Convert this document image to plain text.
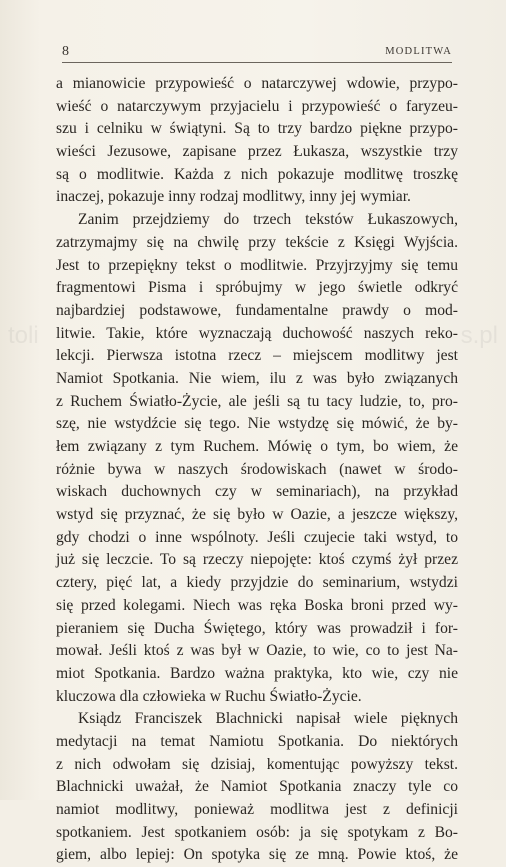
8	MODLITWA
toli	s.pl
a mianowicie przypowieść o natarczywej wdowie, przypo-
wieść o natarczywym przyjacielu i przypowieść o faryzeu-
szu i celniku w świątyni. Są to trzy bardzo piękne przypo-
wieści Jezusowe, zapisane przez Łukasza, wszystkie trzy
są o modlitwie. Każda z nich pokazuje modlitwę troszkę
inaczej, pokazuje inny rodzaj modlitwy, inny jej wymiar.
Zanim przejdziemy do trzech tekstów Łukaszowych,
zatrzymajmy się na chwilę przy tekście z Księgi Wyjścia.
Jest to przepiękny tekst o modlitwie. Przyjrzyjmy się temu
fragmentowi Pisma i spróbujmy w jego świetle odkryć
najbardziej podstawowe, fundamentalne prawdy o mod-
litwie. Takie, które wyznaczają duchowość naszych reko-
lekcji. Pierwsza istotna rzecz – miejscem modlitwy jest
Namiot Spotkania. Nie wiem, ilu z was było związanych
z Ruchem Światło-Życie, ale jeśli są tu tacy ludzie, to, pro-
szę, nie wstydźcie się tego. Nie wstydzę się mówić, że by-
łem związany z tym Ruchem. Mówię o tym, bo wiem, że
różnie bywa w naszych środowiskach (nawet w środo-
wiskach duchownych czy w seminariach), na przykład
wstyd się przyznać, że się było w Oazie, a jeszcze większy,
gdy chodzi o inne wspólnoty. Jeśli czujecie taki wstyd, to
już się leczcie. To są rzeczy niepojęte: ktoś czymś żył przez
cztery, pięć lat, a kiedy przyjdzie do seminarium, wstydzi
się przed kolegami. Niech was ręka Boska broni przed wy-
pieraniem się Ducha Świętego, który was prowadził i for-
mował. Jeśli ktoś z was był w Oazie, to wie, co to jest Na-
miot Spotkania. Bardzo ważna praktyka, kto wie, czy nie
kluczowa dla człowieka w Ruchu Światło-Życie.
Ksiądz Franciszek Blachnicki napisał wiele pięknych
medytacji na temat Namiotu Spotkania. Do niektórych
z nich odwołam się dzisiaj, komentując powyższy tekst.
Blachnicki uważał, że Namiot Spotkania znaczy tyle co
namiot modlitwy, ponieważ modlitwa jest z definicji
spotkaniem. Jest spotkaniem osób: ja się spotykam z Bo-
giem, albo lepiej: On spotyka się ze mną. Powie ktoś, że
